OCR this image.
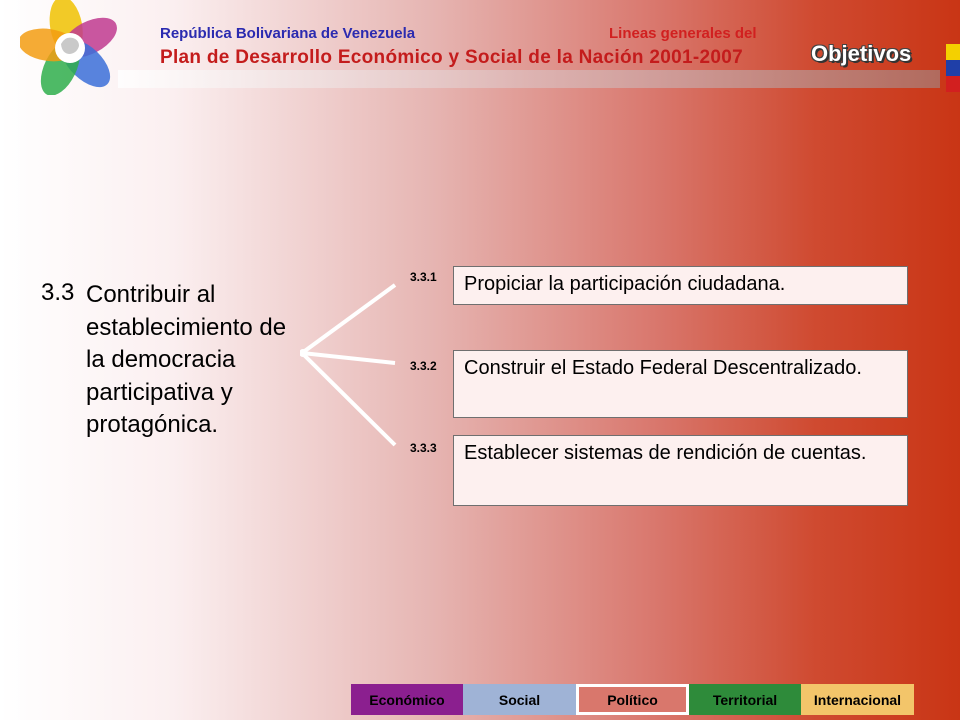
República Bolivariana de Venezuela	Lineas generales del
Plan de Desarrollo Económico y Social de la Nación 2001-2007	Objetivos
3.3 Contribuir al establecimiento de la democracia participativa y protagónica.
3.3.1	Propiciar la participación ciudadana.
3.3.2	Construir el Estado Federal Descentralizado.
3.3.3	Establecer sistemas de rendición de cuentas.
Económico	Social	Político	Territorial	Internacional
